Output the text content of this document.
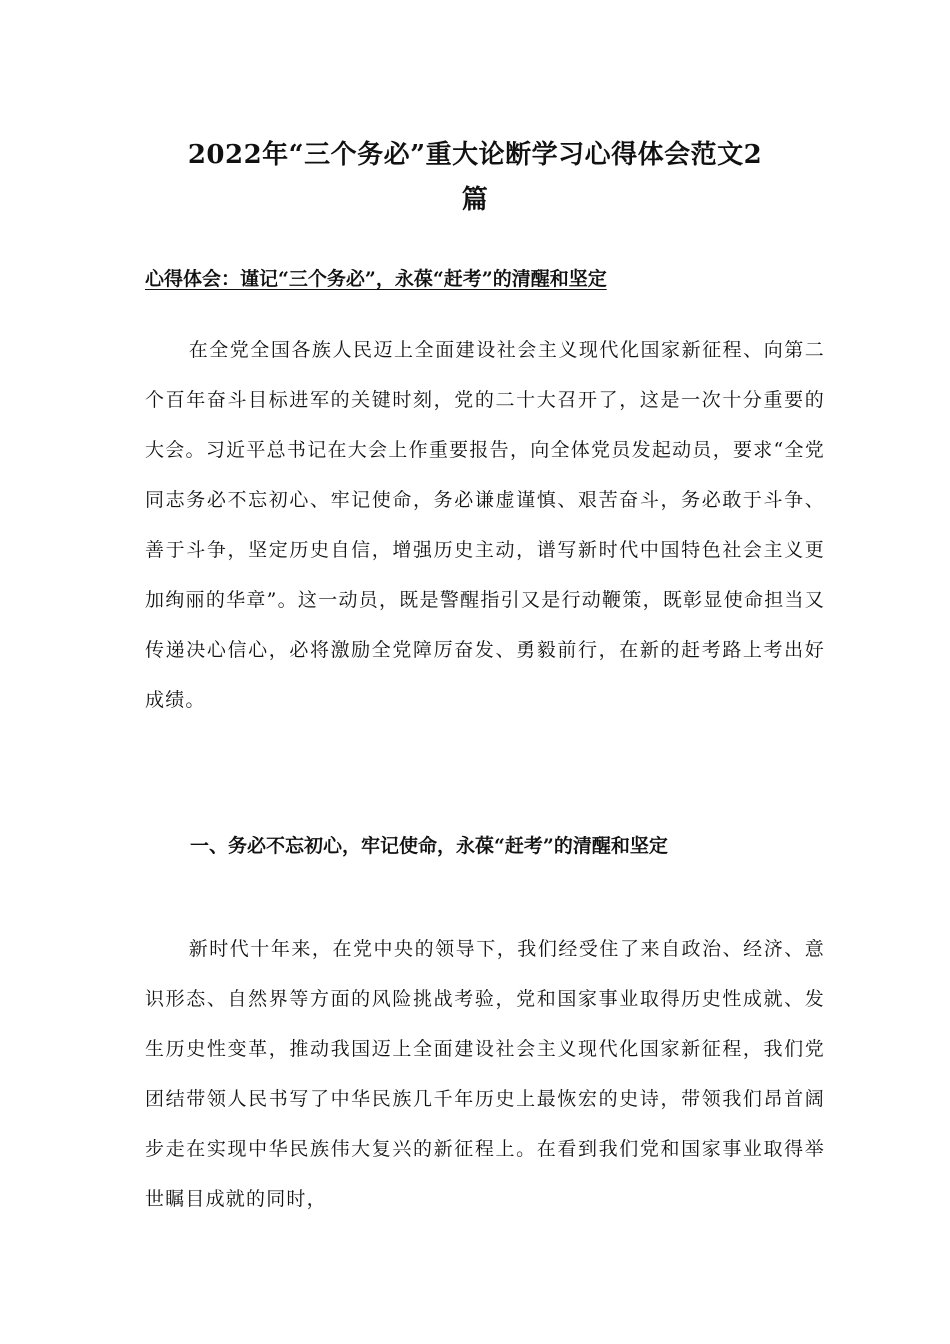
2022年“三个务必”重大论断学习心得体会范文2
篇
心得体会：谨记“三个务必”，永葆“赶考”的清醒和坚定
在全党全国各族人民迈上全面建设社会主义现代化国家新征程、向第二个百年奋斗目标进军的关键时刻，党的二十大召开了，这是一次十分重要的大会。习近平总书记在大会上作重要报告，向全体党员发起动员，要求“全党同志务必不忘初心、牢记使命，务必谦虚谨慎、艰苦奋斗，务必敢于斗争、善于斗争，坚定历史自信，增强历史主动，谱写新时代中国特色社会主义更加绚丽的华章”。这一动员，既是警醒指引又是行动鞭策，既彰显使命担当又传递决心信心，必将激励全党障厉奋发、勇毅前行，在新的赶考路上考出好成绩。
一、务必不忘初心，牢记使命，永葆“赶考”的清醒和坚定
新时代十年来，在党中央的领导下，我们经受住了来自政治、经济、意识形态、自然界等方面的风险挑战考验，党和国家事业取得历史性成就、发生历史性变革，推动我国迈上全面建设社会主义现代化国家新征程，我们党团结带领人民书写了中华民族几千年历史上最恢宏的史诗，带领我们昂首阔步走在实现中华民族伟大复兴的新征程上。在看到我们党和国家事业取得举世瞩目成就的同时，
